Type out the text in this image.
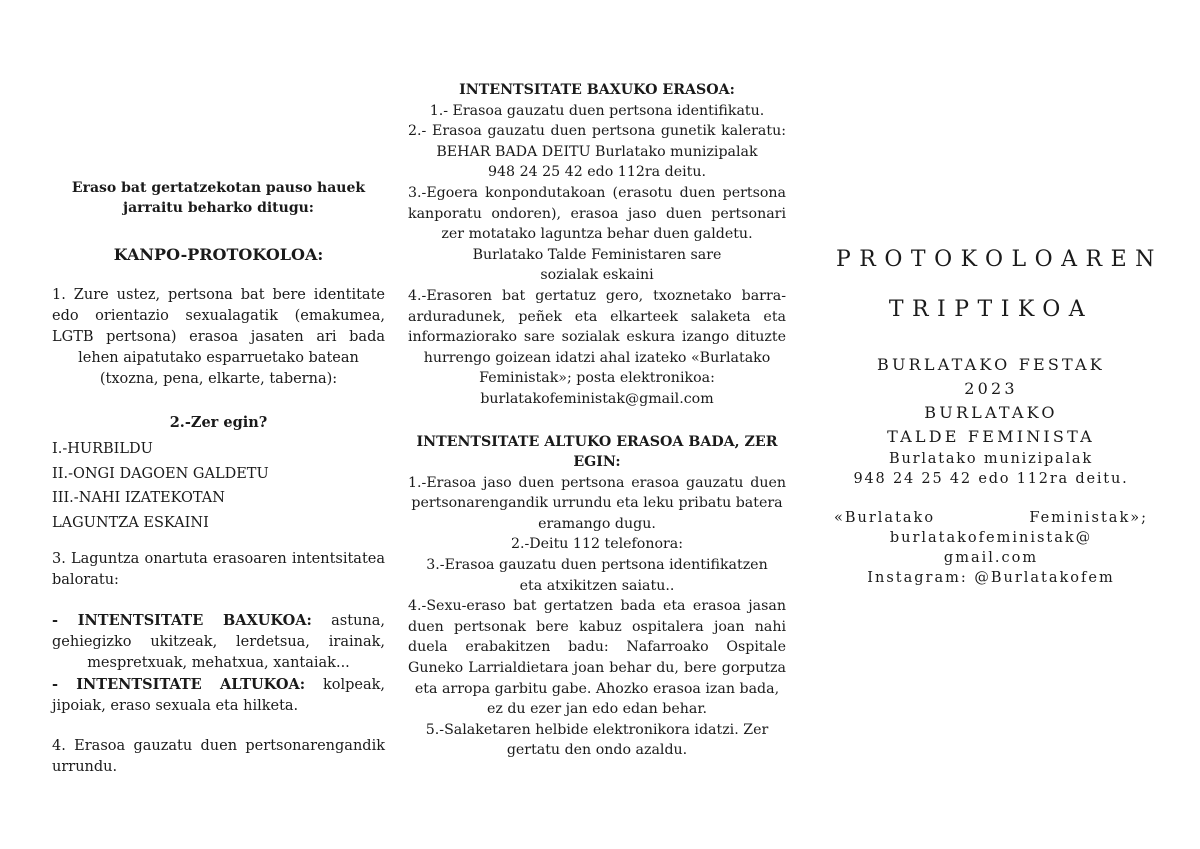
Eraso bat gertatzekotan pauso hauek jarraitu beharko ditugu:

KANPO-PROTOKOLOA:

1. Zure ustez, pertsona bat bere identitate edo orientazio sexualagatik (emakumea, LGTB pertsona) erasoa jasaten ari bada lehen aipatutako esparruetako batean
(txozna, pena, elkarte, taberna):

2.-Zer egin?

I.-HURBILDU
II.-ONGI DAGOEN GALDETU
III.-NAHI IZATEKOTAN
LAGUNTZA ESKAINI

3. Laguntza onartuta erasoaren intentsitatea baloratu:

- INTENTSITATE BAXUKOA: astuna, gehiegizko ukitzeak, lerdetsua, irainak, mespretxuak, mehatxua, xantaiak...

- INTENTSITATE ALTUKOA: kolpeak, jipoiak, eraso sexuala eta hilketa.

4. Erasoa gauzatu duen pertsonarengandik urrundu.

INTENTSITATE BAXUKO ERASOA:

1.- Erasoa gauzatu duen pertsona identifikatu.

2.- Erasoa gauzatu duen pertsona gunetik kaleratu: BEHAR BADA DEITU Burlatako munizipalak
948 24 25 42 edo 112ra deitu.

3.-Egoera konpondutakoan (erasotu duen pertsona kanporatu ondoren), erasoa jaso duen pertsonari zer motatako laguntza behar duen galdetu.
Burlatako Talde Feministaren sare
sozialak eskaini

4.-Erasoren bat gertatuz gero, txoznetako barra-arduradunek, peñek eta elkarteek salaketa eta informaziorako sare sozialak eskura izango dituzte hurrengo goizean idatzi ahal izateko «Burlatako
Feministak»; posta elektronikoa:
burlatakofeministak@gmail.com

INTENTSITATE ALTUKO ERASOA BADA, ZER EGIN:

1.-Erasoa jaso duen pertsona erasoa gauzatu duen pertsonarengandik urrundu eta leku pribatu batera
eramango dugu.

2.-Deitu 112 telefonora:

3.-Erasoa gauzatu duen pertsona identifikatzen
eta atxikitzen saiatu..

4.-Sexu-eraso bat gertatzen bada eta erasoa jasan duen pertsonak bere kabuz ospitalera joan nahi duela erabakitzen badu: Nafarroako Ospitale Guneko Larrialdietara joan behar du, bere gorputza eta arropa garbitu gabe. Ahozko erasoa izan bada,
ez du ezer jan edo edan behar.

5.-Salaketaren helbide elektronikora idatzi. Zer
gertatu den ondo azaldu.

PROTOKOLOAREN
TRIPTIKOA
BURLATAKO FESTAK
2023
BURLATAKO
TALDE FEMINISTA
Burlatako munizipalak
948 24 25 42 edo 112ra deitu.
«Burlatako	Feministak»;
burlatakofeministak@
gmail.com
Instagram: @Burlatakofem
